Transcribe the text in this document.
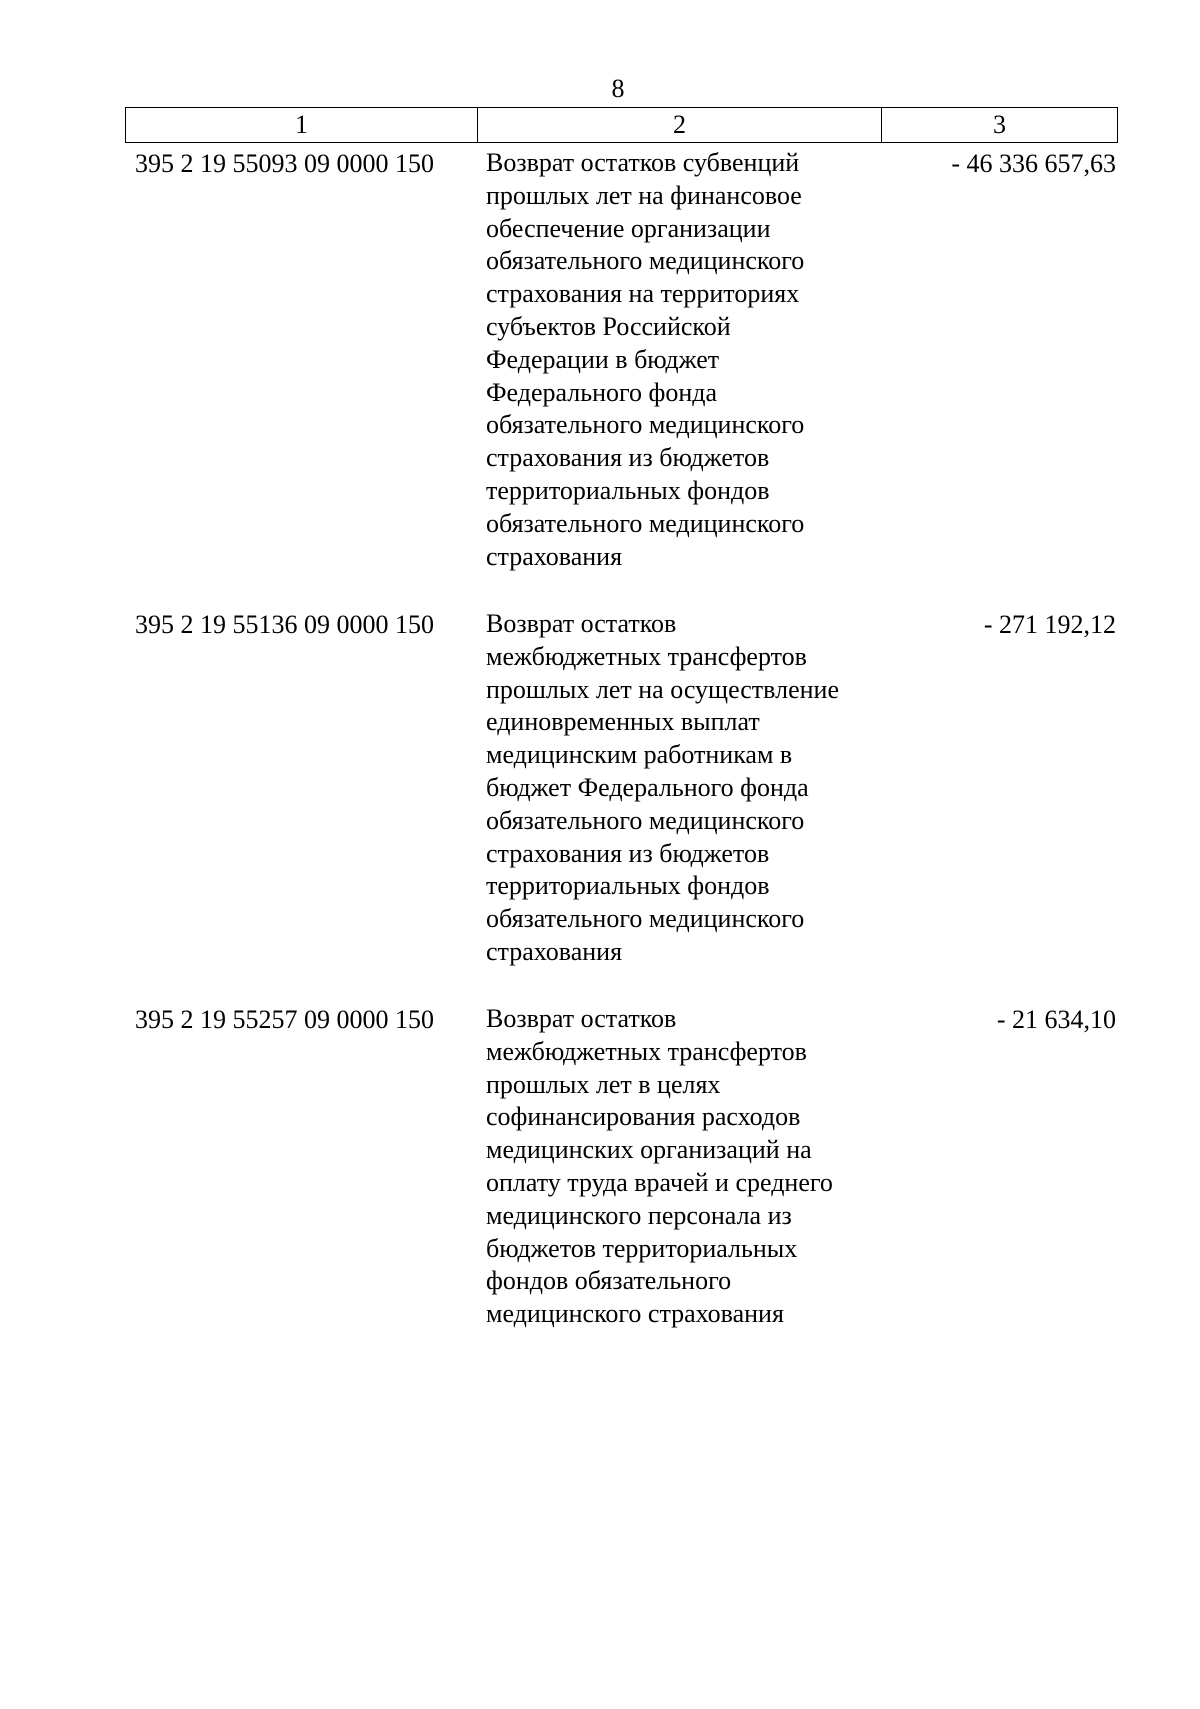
8
1	2	3
395 2 19 55093 09 0000 150 Возврат остатков субвенций
прошлых лет на финансовое
обеспечение организации
обязательного медицинского
страхования на территориях
субъектов Российской
Федерации в бюджет
Федерального фонда
обязательного медицинского
страхования из бюджетов
территориальных фондов
обязательного медицинского
страхования
- 46 336 657,63
395 2 19 55136 09 0000 150 Возврат остатков
межбюджетных трансфертов
прошлых лет на осуществление
единовременных выплат
медицинским работникам в
бюджет Федерального фонда
обязательного медицинского
страхования из бюджетов
территориальных фондов
обязательного медицинского
страхования
- 271 192,12
395 2 19 55257 09 0000 150 Возврат остатков
межбюджетных трансфертов
прошлых лет в целях
софинансирования расходов
медицинских организаций на
оплату труда врачей и среднего
медицинского персонала из
бюджетов территориальных
фондов обязательного
медицинского страхования
- 21 634,10
